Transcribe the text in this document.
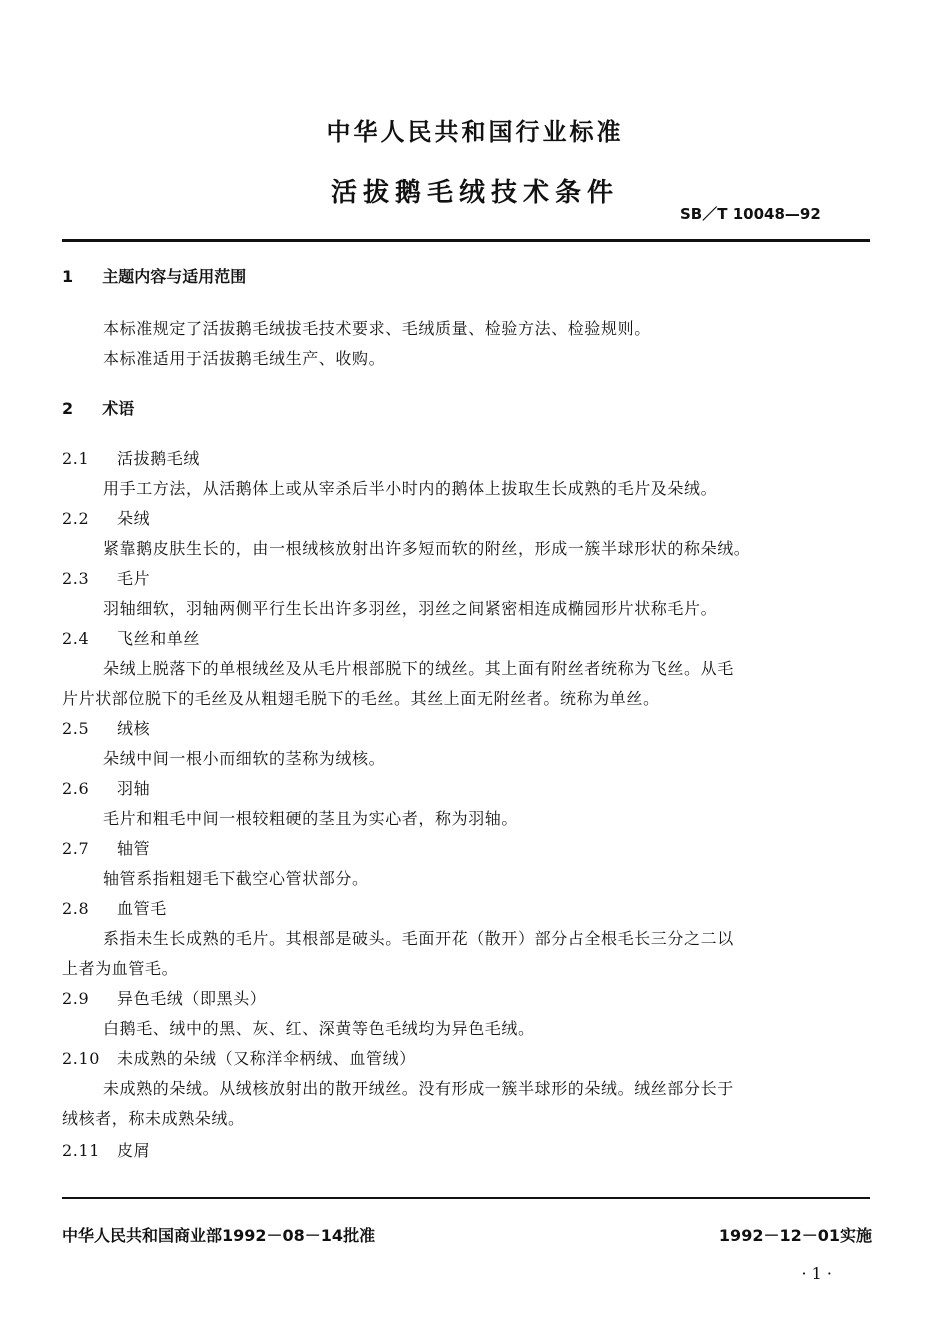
中华人民共和国行业标准
活拔鹅毛绒技术条件
SB／T 10048—92
1 主题内容与适用范围
本标准规定了活拔鹅毛绒拔毛技术要求、毛绒质量、检验方法、检验规则。
本标准适用于活拔鹅毛绒生产、收购。
2 术语
2.1 活拔鹅毛绒
用手工方法，从活鹅体上或从宰杀后半小时内的鹅体上拔取生长成熟的毛片及朵绒。
2.2 朵绒
紧靠鹅皮肤生长的，由一根绒核放射出许多短而软的附丝，形成一簇半球形状的称朵绒。
2.3 毛片
羽轴细软，羽轴两侧平行生长出许多羽丝，羽丝之间紧密相连成椭园形片状称毛片。
2.4 飞丝和单丝
朵绒上脱落下的单根绒丝及从毛片根部脱下的绒丝。其上面有附丝者统称为飞丝。从毛
片片状部位脱下的毛丝及从粗翅毛脱下的毛丝。其丝上面无附丝者。统称为单丝。
2.5 绒核
朵绒中间一根小而细软的茎称为绒核。
2.6 羽轴
毛片和粗毛中间一根较粗硬的茎且为实心者，称为羽轴。
2.7 轴管
轴管系指粗翅毛下截空心管状部分。
2.8 血管毛
系指未生长成熟的毛片。其根部是破头。毛面开花（散开）部分占全根毛长三分之二以
上者为血管毛。
2.9 异色毛绒（即黑头）
白鹅毛、绒中的黑、灰、红、深黄等色毛绒均为异色毛绒。
2.10 未成熟的朵绒（又称洋伞柄绒、血管绒）
未成熟的朵绒。从绒核放射出的散开绒丝。没有形成一簇半球形的朵绒。绒丝部分长于
绒核者，称未成熟朵绒。
2.11 皮屑
中华人民共和国商业部1992－08－14批准	1992－12－01实施
· 1 ·
